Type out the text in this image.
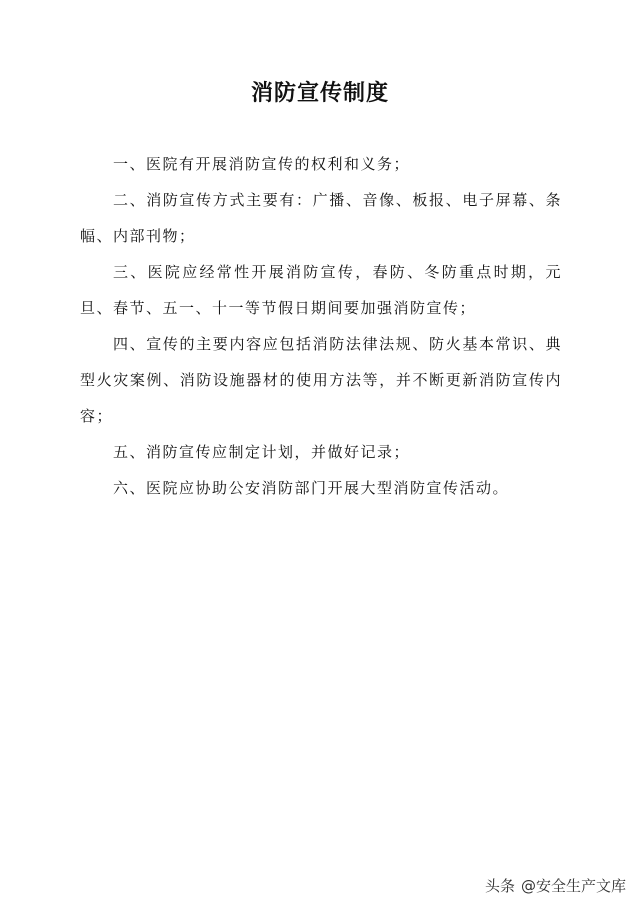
消防宣传制度

一、医院有开展消防宣传的权利和义务；

二、消防宣传方式主要有：广播、音像、板报、电子屏幕、条幅、内部刊物；

三、医院应经常性开展消防宣传，春防、冬防重点时期，元旦、春节、五一、十一等节假日期间要加强消防宣传；

四、宣传的主要内容应包括消防法律法规、防火基本常识、典型火灾案例、消防设施器材的使用方法等，并不断更新消防宣传内容；

五、消防宣传应制定计划，并做好记录；

六、医院应协助公安消防部门开展大型消防宣传活动。

头条 @安全生产文库
